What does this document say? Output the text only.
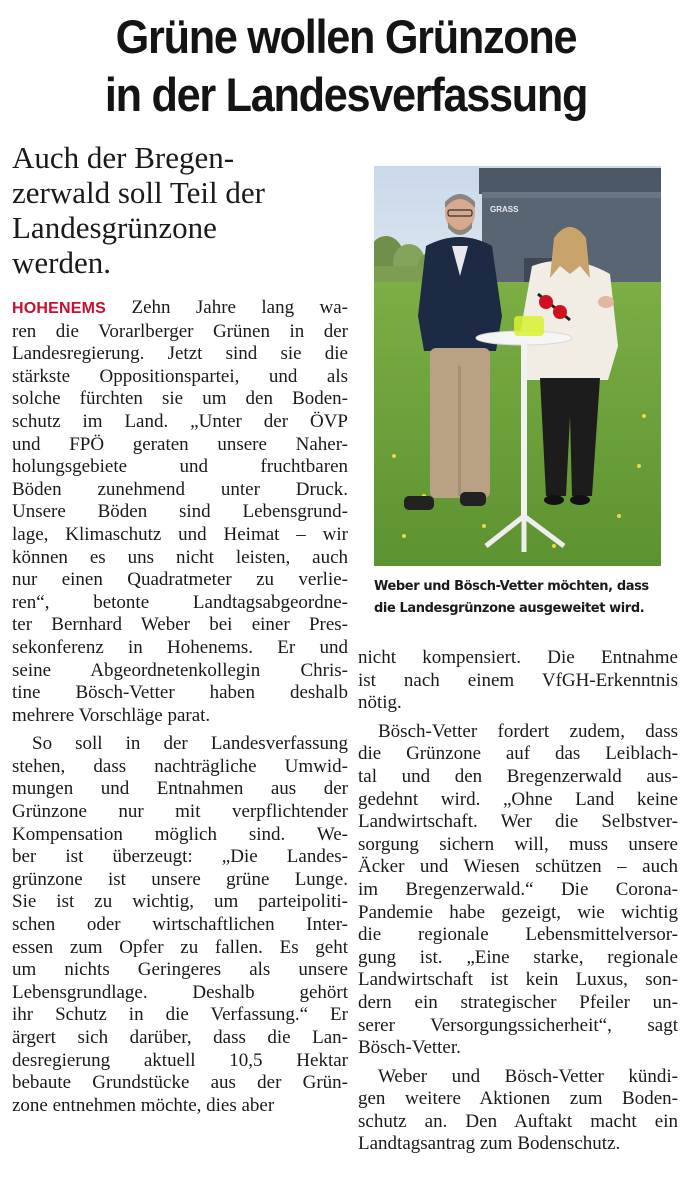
Grüne wollen Grünzone
in der Landesverfassung
Auch der Bregen-
zerwald soll Teil der
Landesgrünzone
werden.
GRASS
Weber und Bösch-Vetter möchten, dass
die Landesgrünzone ausgeweitet wird.
HOHENEMS Zehn Jahre lang wa-
ren die Vorarlberger Grünen in der
Landesregierung. Jetzt sind sie die
stärkste Oppositionspartei, und als
solche fürchten sie um den Boden-
schutz im Land. „Unter der ÖVP
und FPÖ geraten unsere Naher-
holungsgebiete und fruchtbaren
Böden zunehmend unter Druck.
Unsere Böden sind Lebensgrund-
lage, Klimaschutz und Heimat – wir
können es uns nicht leisten, auch
nur einen Quadratmeter zu verlie-
ren“, betonte Landtagsabgeordne-
ter Bernhard Weber bei einer Pres-
sekonferenz in Hohenems. Er und
seine Abgeordnetenkollegin Chris-
tine Bösch-Vetter haben deshalb
mehrere Vorschläge parat.
So soll in der Landesverfassung
stehen, dass nachträgliche Umwid-
mungen und Entnahmen aus der
Grünzone nur mit verpflichtender
Kompensation möglich sind. We-
ber ist überzeugt: „Die Landes-
grünzone ist unsere grüne Lunge.
Sie ist zu wichtig, um parteipoliti-
schen oder wirtschaftlichen Inter-
essen zum Opfer zu fallen. Es geht
um nichts Geringeres als unsere
Lebensgrundlage. Deshalb gehört
ihr Schutz in die Verfassung.“ Er
ärgert sich darüber, dass die Lan-
desregierung aktuell 10,5 Hektar
bebaute Grundstücke aus der Grün-
zone entnehmen möchte, dies aber
nicht kompensiert. Die Entnahme
ist nach einem VfGH-Erkenntnis
nötig.
Bösch-Vetter fordert zudem, dass
die Grünzone auf das Leiblach-
tal und den Bregenzerwald aus-
gedehnt wird. „Ohne Land keine
Landwirtschaft. Wer die Selbstver-
sorgung sichern will, muss unsere
Äcker und Wiesen schützen – auch
im Bregenzerwald.“ Die Corona-
Pandemie habe gezeigt, wie wichtig
die regionale Lebensmittelversor-
gung ist. „Eine starke, regionale
Landwirtschaft ist kein Luxus, son-
dern ein strategischer Pfeiler un-
serer Versorgungssicherheit“, sagt
Bösch-Vetter.
Weber und Bösch-Vetter kündi-
gen weitere Aktionen zum Boden-
schutz an. Den Auftakt macht ein
Landtagsantrag zum Bodenschutz.
